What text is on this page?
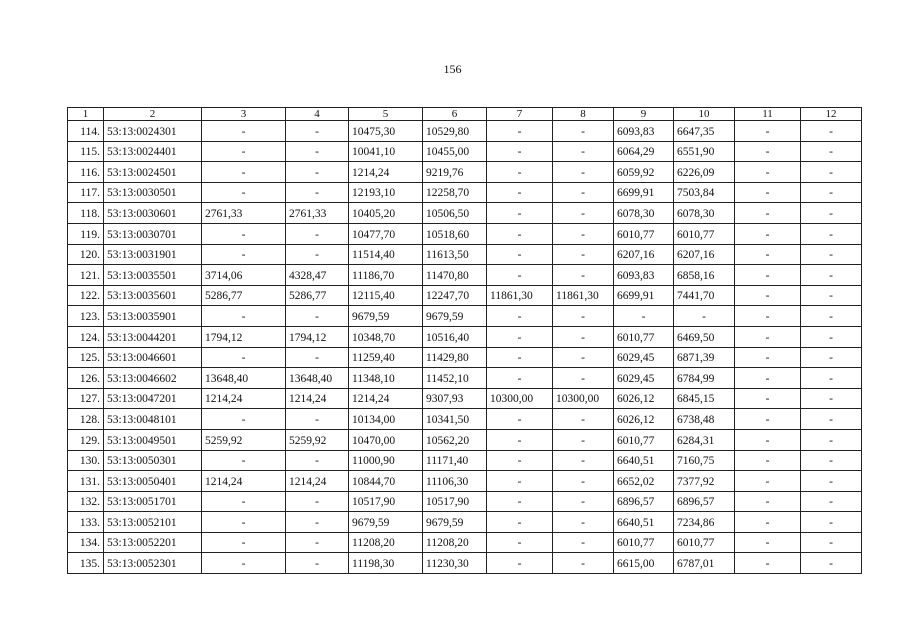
156
1	2	3	4	5	6	7	8	9	10	11	12
114.	53:13:0024301	-	-	10475,30	10529,80	-	-	6093,83	6647,35	-	-
115.	53:13:0024401	-	-	10041,10	10455,00	-	-	6064,29	6551,90	-	-
116.	53:13:0024501	-	-	1214,24	9219,76	-	-	6059,92	6226,09	-	-
117.	53:13:0030501	-	-	12193,10	12258,70	-	-	6699,91	7503,84	-	-
118.	53:13:0030601	2761,33	2761,33	10405,20	10506,50	-	-	6078,30	6078,30	-	-
119.	53:13:0030701	-	-	10477,70	10518,60	-	-	6010,77	6010,77	-	-
120.	53:13:0031901	-	-	11514,40	11613,50	-	-	6207,16	6207,16	-	-
121.	53:13:0035501	3714,06	4328,47	11186,70	11470,80	-	-	6093,83	6858,16	-	-
122.	53:13:0035601	5286,77	5286,77	12115,40	12247,70	11861,30	11861,30	6699,91	7441,70	-	-
123.	53:13:0035901	-	-	9679,59	9679,59	-	-	-	-	-	-
124.	53:13:0044201	1794,12	1794,12	10348,70	10516,40	-	-	6010,77	6469,50	-	-
125.	53:13:0046601	-	-	11259,40	11429,80	-	-	6029,45	6871,39	-	-
126.	53:13:0046602	13648,40	13648,40	11348,10	11452,10	-	-	6029,45	6784,99	-	-
127.	53:13:0047201	1214,24	1214,24	1214,24	9307,93	10300,00	10300,00	6026,12	6845,15	-	-
128.	53:13:0048101	-	-	10134,00	10341,50	-	-	6026,12	6738,48	-	-
129.	53:13:0049501	5259,92	5259,92	10470,00	10562,20	-	-	6010,77	6284,31	-	-
130.	53:13:0050301	-	-	11000,90	11171,40	-	-	6640,51	7160,75	-	-
131.	53:13:0050401	1214,24	1214,24	10844,70	11106,30	-	-	6652,02	7377,92	-	-
132.	53:13:0051701	-	-	10517,90	10517,90	-	-	6896,57	6896,57	-	-
133.	53:13:0052101	-	-	9679,59	9679,59	-	-	6640,51	7234,86	-	-
134.	53:13:0052201	-	-	11208,20	11208,20	-	-	6010,77	6010,77	-	-
135.	53:13:0052301	-	-	11198,30	11230,30	-	-	6615,00	6787,01	-	-
